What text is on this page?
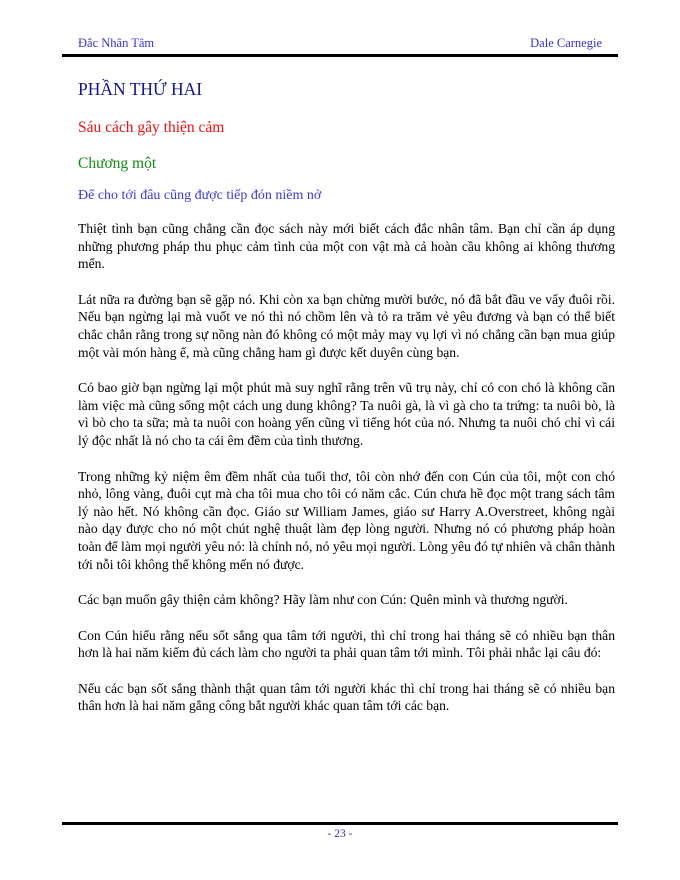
Đắc Nhân Tâm	Dale Carnegie
PHẦN THỨ HAI
Sáu cách gây thiện cảm
Chương một
Để cho tới đâu cũng được tiếp đón niềm nở

Thiệt tình bạn cũng chẳng cần đọc sách này mới biết cách đắc nhân tâm. Bạn chỉ cần áp dụng những phương pháp thu phục cảm tình của một con vật mà cả hoàn cầu không ai không thương mến.

Lát nữa ra đường bạn sẽ gặp nó. Khi còn xa bạn chừng mười bước, nó đã bắt đầu ve vẩy đuôi rồi. Nếu bạn ngừng lại mà vuốt ve nó thì nó chồm lên và tỏ ra trăm vẻ yêu đương và bạn có thể biết chắc chắn rằng trong sự nồng nàn đó không có một mảy may vụ lợi vì nó chẳng cần bạn mua giúp một vài món hàng ế, mà cũng chẳng ham gì được kết duyên cùng bạn.

Có bao giờ bạn ngừng lại một phút mà suy nghĩ rằng trên vũ trụ này, chỉ có con chó là không cần làm việc mà cũng sống một cách ung dung không? Ta nuôi gà, là vì gà cho ta trứng: ta nuôi bò, là vì bò cho ta sữa; mà ta nuôi con hoàng yến cũng vì tiếng hót của nó. Nhưng ta nuôi chó chỉ vì cái lý độc nhất là nó cho ta cái êm đềm của tình thương.

Trong những kỷ niệm êm đềm nhất của tuổi thơ, tôi còn nhớ đến con Cún của tôi, một con chó nhỏ, lông vàng, đuôi cụt mà cha tôi mua cho tôi có năm cắc. Cún chưa hề đọc một trang sách tâm lý nào hết. Nó không cần đọc. Giáo sư William James, giáo sư Harry A.Overstreet, không ngài nào dạy được cho nó một chút nghệ thuật làm đẹp lòng người. Nhưng nó có phương pháp hoàn toàn để làm mọi người yêu nó: là chính nó, nó yêu mọi người. Lòng yêu đó tự nhiên và chân thành tới nỗi tôi không thể không mến nó được.

Các bạn muốn gây thiện cảm không? Hãy làm như con Cún: Quên mình và thương người.

Con Cún hiểu rằng nếu sốt sắng qua tâm tới người, thì chỉ trong hai tháng sẽ có nhiều bạn thân hơn là hai năm kiếm đủ cách làm cho người ta phải quan tâm tới mình. Tôi phải nhắc lại câu đó:

Nếu các bạn sốt sắng thành thật quan tâm tới người khác thì chỉ trong hai tháng sẽ có nhiều bạn thân hơn là hai năm gắng công bắt người khác quan tâm tới các bạn.

- 23 -
